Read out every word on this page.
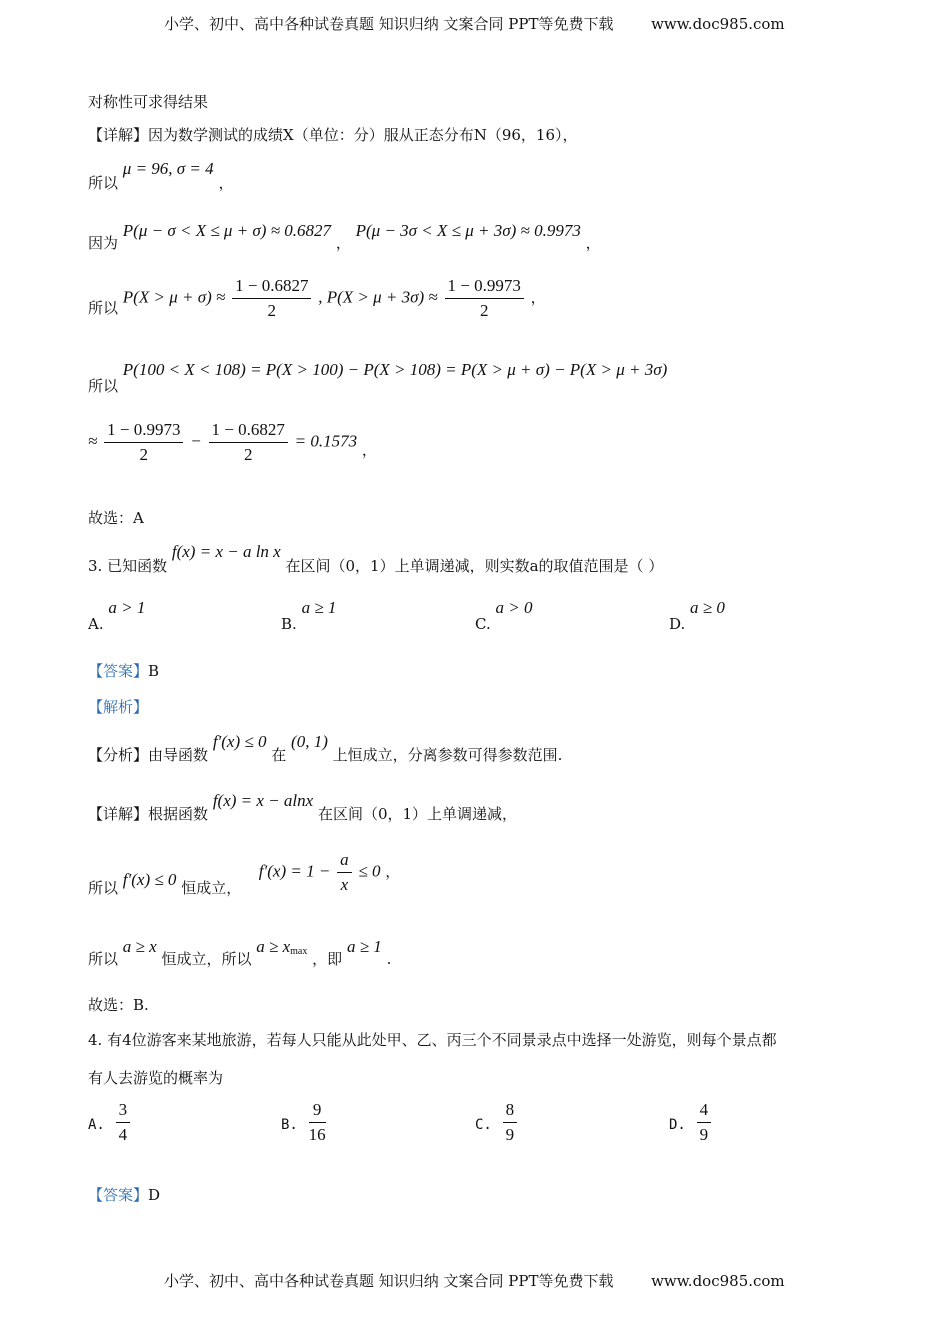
小学、初中、高中各种试卷真题 知识归纳 文案合同 PPT等免费下载	www.doc985.com
对称性可求得结果
【详解】因为数学测试的成绩X（单位：分）服从正态分布N（96，16），
所以 μ = 96, σ = 4 ，
因为 P(μ − σ < X ≤ μ + σ) ≈ 0.6827 ， P(μ − 3σ < X ≤ μ + 3σ) ≈ 0.9973 ，
所以 $P(X > \mu + \sigma) \approx \frac{1 - 0.6827}{2}$ , $P(X > \mu + 3\sigma) \approx \frac{1 - 0.9973}{2}$ ，
所以 P(100 < X < 108) = P(X > 100) − P(X > 108) = P(X > μ + σ) − P(X > μ + 3σ)
≈ $\frac{1 - 0.9973}{2} - \frac{1 - 0.6827}{2} = 0.1573$ ，
故选：A
3. 已知函数 f(x) = x − a ln x 在区间（0，1）上单调递减，则实数a的取值范围是（ ）
A. a > 1
B. a ≥ 1
C. a > 0
D. a ≥ 0
【答案】B
【解析】
【分析】由导函数 f′(x) ≤ 0 在 (0, 1) 上恒成立，分离参数可得参数范围.
【详解】根据函数 f(x) = x − alnx 在区间（0，1）上单调递减，
所以 f′(x) ≤ 0 恒成立，  $f'(x) = 1 - \frac{a}{x} \le 0$ ，
所以 a ≥ x 恒成立，所以 $a \ge x_{max}$ ，即 a ≥ 1 .
故选：B.
4. 有4位游客来某地旅游，若每人只能从此处甲、乙、丙三个不同景录点中选择一处游览，则每个景点都
有人去游览的概率为
A. $\frac{3}{4}$	B. $\frac{9}{16}$	C. $\frac{8}{9}$	D. $\frac{4}{9}$
【答案】D
小学、初中、高中各种试卷真题 知识归纳 文案合同 PPT等免费下载	www.doc985.com
